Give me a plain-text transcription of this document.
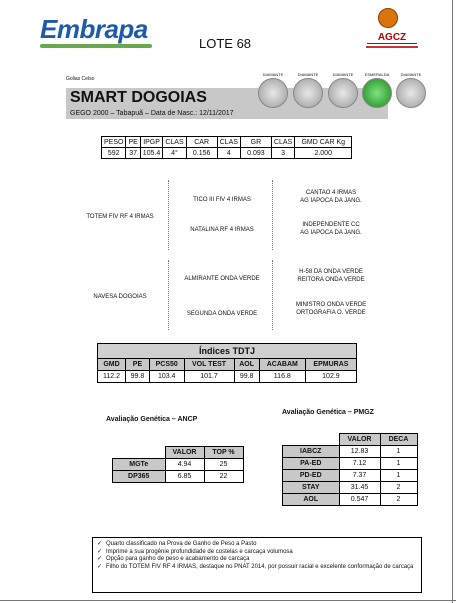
Embrapa	LOTE 68	AGCZ
Golias Celso
SMART DOGOIAS
GEGO 2000 – Tabapuã – Data de Nasc.: 12/11/2017
DIAMANTE	DIAMANTE	DIAMANTE	ESMERALDA	DIAMANTE
PESO	PE	IPGP	CLAS	CAR	CLAS	GR	CLAS	GMD CAR Kg
592	37	105.4	4°	0.156	4	0.093	3	2.000
TOTEM FIV RF 4 IRMAS
TICO III FIV 4 IRMAS
NATALINA RF 4 IRMAS
CANTAO 4 IRMAS
AG IAPOCA DA JANG.
INDEPENDENTE CC
AG IAPOCA DA JANG.
NAVESA DOGOIAS
ALMIRANTE ONDA VERDE
SEGUNDA ONDA VERDE
H-58 DA ONDA VERDE
REITORA ONDA VERDE
MINISTRO ONDA VERDE
ORTOGRAFIA O. VERDE
Índices TDTJ						
GMD	PE	PCS50	VOL TEST	AOL	ACABAM	EPMURAS
112.2	99.8	103.4	101.7	99.8	116.8	102.9
Avaliação Genética – ANCP
	VALOR	TOP %
MGTe	4.94	25
DP365	6.85	22
Avaliação Genética – PMGZ
	VALOR	DECA
IABCZ	12.83	1
PA-ED	7.12	1
PD-ED	7.37	1
STAY	31.45	2
AOL	0.547	2
✓ Quarto classificado na Prova de Ganho de Peso a Pasto
✓ Imprime a sua progênie profundidade de costelas e carcaça volumosa
✓ Opção para ganho de peso e acabamento de carcaça
✓ Filho do TOTEM FIV RF 4 IRMAS, destaque no PNAT 2014, por possuir racial e excelente conformação de carcaça
